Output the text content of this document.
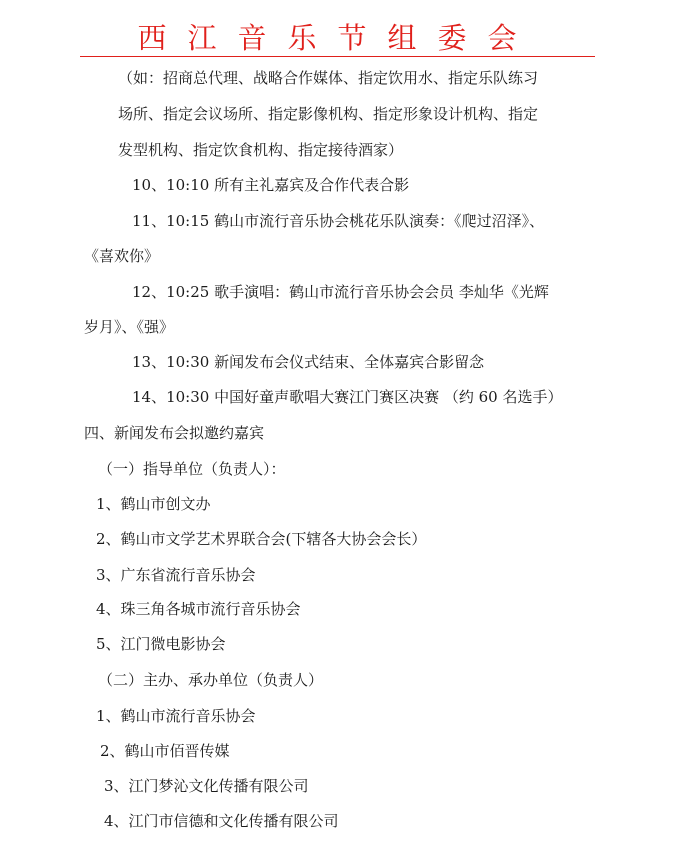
西江音乐节组委会
（如：招商总代理、战略合作媒体、指定饮用水、指定乐队练习
场所、指定会议场所、指定影像机构、指定形象设计机构、指定
发型机构、指定饮食机构、指定接待酒家）
10、10:10 所有主礼嘉宾及合作代表合影
11、10:15 鹤山市流行音乐协会桃花乐队演奏：《爬过沼泽》、
《喜欢你》
12、10:25 歌手演唱：鹤山市流行音乐协会会员 李灿华《光辉
岁月》、《强》
13、10:30 新闻发布会仪式结束、全体嘉宾合影留念
14、10:30 中国好童声歌唱大赛江门赛区决赛 （约 60 名选手）
四、新闻发布会拟邀约嘉宾
（一）指导单位（负责人）：
1、鹤山市创文办
2、鹤山市文学艺术界联合会(下辖各大协会会长）
3、广东省流行音乐协会
4、珠三角各城市流行音乐协会
5、江门微电影协会
（二）主办、承办单位（负责人）
1、鹤山市流行音乐协会
2、鹤山市佰晋传媒
3、江门梦沁文化传播有限公司
4、江门市信德和文化传播有限公司
